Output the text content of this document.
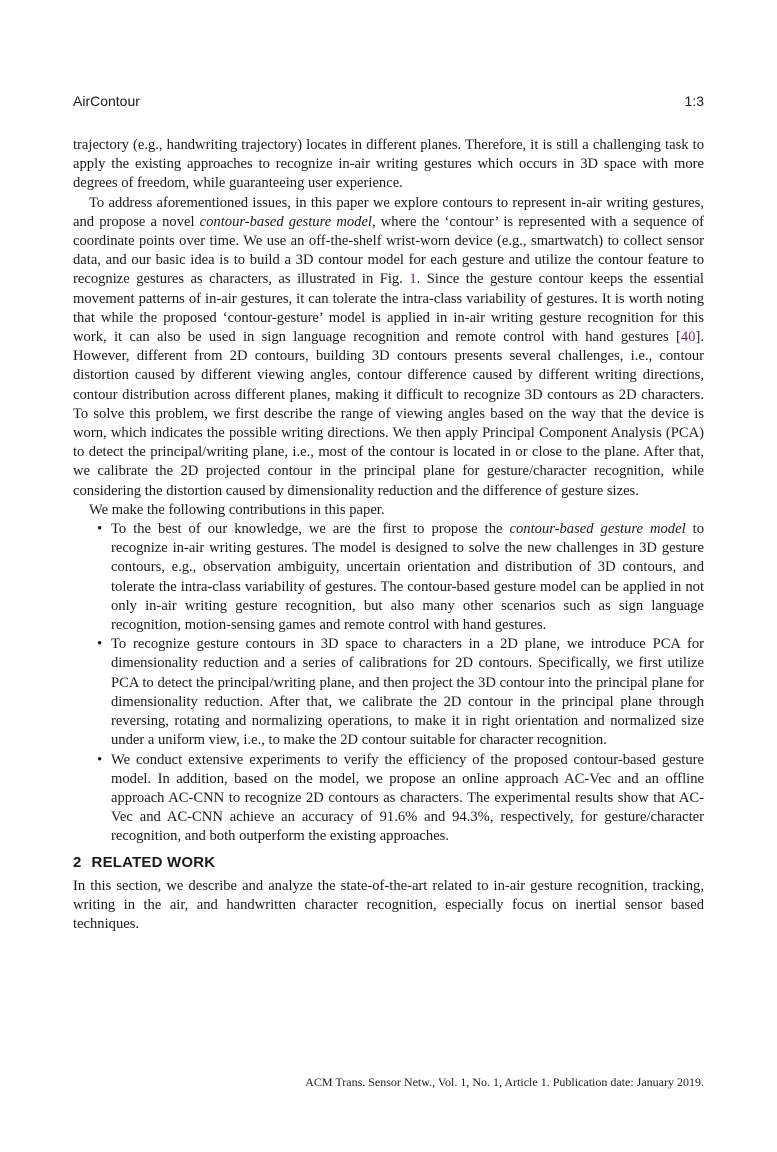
AirContour	1:3

trajectory (e.g., handwriting trajectory) locates in different planes. Therefore, it is still a challenging task to apply the existing approaches to recognize in-air writing gestures which occurs in 3D space with more degrees of freedom, while guaranteeing user experience.

To address aforementioned issues, in this paper we explore contours to represent in-air writing gestures, and propose a novel contour-based gesture model, where the ‘contour’ is represented with a sequence of coordinate points over time. We use an off-the-shelf wrist-worn device (e.g., smartwatch) to collect sensor data, and our basic idea is to build a 3D contour model for each gesture and utilize the contour feature to recognize gestures as characters, as illustrated in Fig. 1. Since the gesture contour keeps the essential movement patterns of in-air gestures, it can tolerate the intra-class variability of gestures. It is worth noting that while the proposed ‘contour-gesture’ model is applied in in-air writing gesture recognition for this work, it can also be used in sign language recognition and remote control with hand gestures [40]. However, different from 2D contours, building 3D contours presents several challenges, i.e., contour distortion caused by different viewing angles, contour difference caused by different writing directions, contour distribution across different planes, making it difficult to recognize 3D contours as 2D characters. To solve this problem, we first describe the range of viewing angles based on the way that the device is worn, which indicates the possible writing directions. We then apply Principal Component Analysis (PCA) to detect the principal/writing plane, i.e., most of the contour is located in or close to the plane. After that, we calibrate the 2D projected contour in the principal plane for gesture/character recognition, while considering the distortion caused by dimensionality reduction and the difference of gesture sizes.

We make the following contributions in this paper.

• To the best of our knowledge, we are the first to propose the contour-based gesture model to recognize in-air writing gestures. The model is designed to solve the new challenges in 3D gesture contours, e.g., observation ambiguity, uncertain orientation and distribution of 3D contours, and tolerate the intra-class variability of gestures. The contour-based gesture model can be applied in not only in-air writing gesture recognition, but also many other scenarios such as sign language recognition, motion-sensing games and remote control with hand gestures.
• To recognize gesture contours in 3D space to characters in a 2D plane, we introduce PCA for dimensionality reduction and a series of calibrations for 2D contours. Specifically, we first utilize PCA to detect the principal/writing plane, and then project the 3D contour into the principal plane for dimensionality reduction. After that, we calibrate the 2D contour in the principal plane through reversing, rotating and normalizing operations, to make it in right orientation and normalized size under a uniform view, i.e., to make the 2D contour suitable for character recognition.
• We conduct extensive experiments to verify the efficiency of the proposed contour-based gesture model. In addition, based on the model, we propose an online approach AC-Vec and an offline approach AC-CNN to recognize 2D contours as characters. The experimental results show that AC-Vec and AC-CNN achieve an accuracy of 91.6% and 94.3%, respectively, for gesture/character recognition, and both outperform the existing approaches.
2 RELATED WORK

In this section, we describe and analyze the state-of-the-art related to in-air gesture recognition, tracking, writing in the air, and handwritten character recognition, especially focus on inertial sensor based techniques.

ACM Trans. Sensor Netw., Vol. 1, No. 1, Article 1. Publication date: January 2019.
